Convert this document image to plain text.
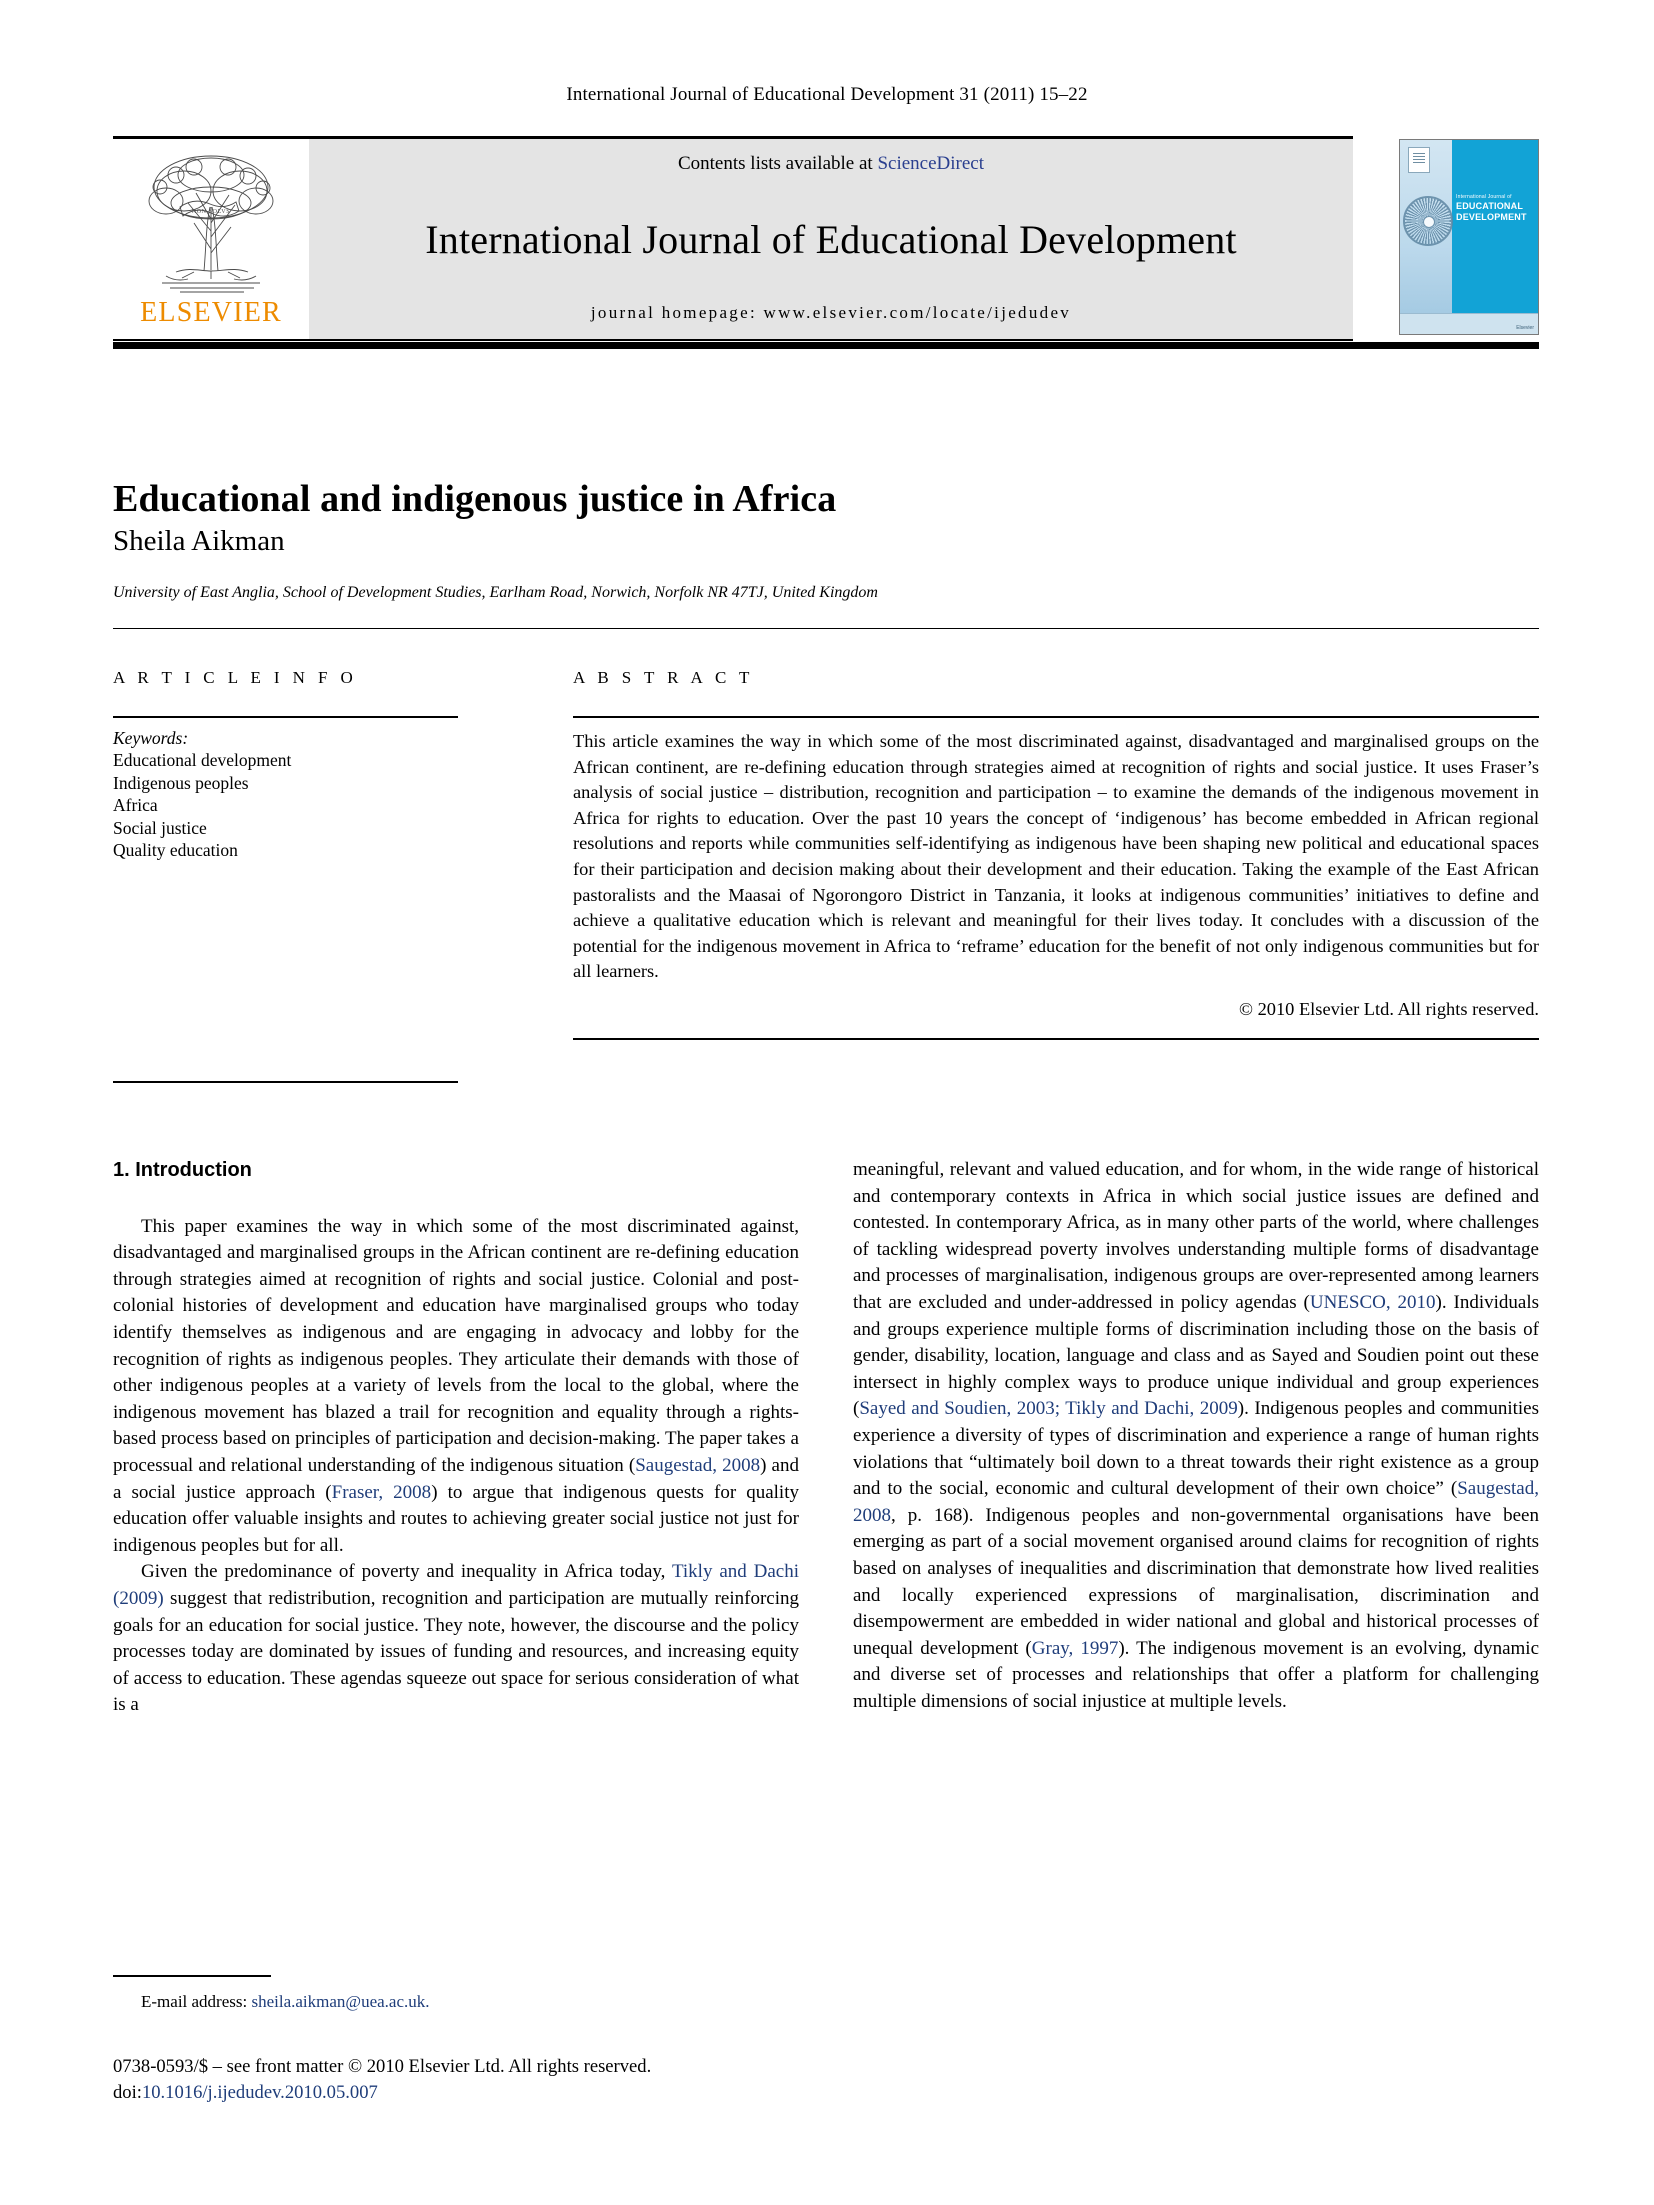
International Journal of Educational Development 31 (2011) 15–22
NON SOLVS
ELSEVIER
Contents lists available at ScienceDirect
International Journal of Educational Development
journal homepage: www.elsevier.com/locate/ijedudev
International Journal of
EDUCATIONAL
DEVELOPMENT
Elsevier
Educational and indigenous justice in Africa
Sheila Aikman
University of East Anglia, School of Development Studies, Earlham Road, Norwich, Norfolk NR 47TJ, United Kingdom
A R T I C L E I N F O
Keywords:
Educational development
Indigenous peoples
Africa
Social justice
Quality education
A B S T R A C T
This article examines the way in which some of the most discriminated against, disadvantaged and marginalised groups on the African continent, are re-defining education through strategies aimed at recognition of rights and social justice. It uses Fraser’s analysis of social justice – distribution, recognition and participation – to examine the demands of the indigenous movement in Africa for rights to education. Over the past 10 years the concept of ‘indigenous’ has become embedded in African regional resolutions and reports while communities self-identifying as indigenous have been shaping new political and educational spaces for their participation and decision making about their development and their education. Taking the example of the East African pastoralists and the Maasai of Ngorongoro District in Tanzania, it looks at indigenous communities’ initiatives to define and achieve a qualitative education which is relevant and meaningful for their lives today. It concludes with a discussion of the potential for the indigenous movement in Africa to ‘reframe’ education for the benefit of not only indigenous communities but for all learners.
© 2010 Elsevier Ltd. All rights reserved.
1. Introduction

This paper examines the way in which some of the most discriminated against, disadvantaged and marginalised groups in the African continent are re-defining education through strategies aimed at recognition of rights and social justice. Colonial and post-colonial histories of development and education have marginalised groups who today identify themselves as indigenous and are engaging in advocacy and lobby for the recognition of rights as indigenous peoples. They articulate their demands with those of other indigenous peoples at a variety of levels from the local to the global, where the indigenous movement has blazed a trail for recognition and equality through a rights-based process based on principles of participation and decision-making. The paper takes a processual and relational understanding of the indigenous situation (Saugestad, 2008) and a social justice approach (Fraser, 2008) to argue that indigenous quests for quality education offer valuable insights and routes to achieving greater social justice not just for indigenous peoples but for all.

Given the predominance of poverty and inequality in Africa today, Tikly and Dachi (2009) suggest that redistribution, recognition and participation are mutually reinforcing goals for an education for social justice. They note, however, the discourse and the policy processes today are dominated by issues of funding and resources, and increasing equity of access to education. These agendas squeeze out space for serious consideration of what is a

meaningful, relevant and valued education, and for whom, in the wide range of historical and contemporary contexts in Africa in which social justice issues are defined and contested. In contemporary Africa, as in many other parts of the world, where challenges of tackling widespread poverty involves understanding multiple forms of disadvantage and processes of marginalisation, indigenous groups are over-represented among learners that are excluded and under-addressed in policy agendas (UNESCO, 2010). Individuals and groups experience multiple forms of discrimination including those on the basis of gender, disability, location, language and class and as Sayed and Soudien point out these intersect in highly complex ways to produce unique individual and group experiences (Sayed and Soudien, 2003; Tikly and Dachi, 2009). Indigenous peoples and communities experience a diversity of types of discrimination and experience a range of human rights violations that “ultimately boil down to a threat towards their right existence as a group and to the social, economic and cultural development of their own choice” (Saugestad, 2008, p. 168). Indigenous peoples and non-governmental organisations have been emerging as part of a social movement organised around claims for recognition of rights based on analyses of inequalities and discrimination that demonstrate how lived realities and locally experienced expressions of marginalisation, discrimination and disempowerment are embedded in wider national and global and historical processes of unequal development (Gray, 1997). The indigenous movement is an evolving, dynamic and diverse set of processes and relationships that offer a platform for challenging multiple dimensions of social injustice at multiple levels.

E-mail address: sheila.aikman@uea.ac.uk.
0738-0593/$ – see front matter © 2010 Elsevier Ltd. All rights reserved.
doi:10.1016/j.ijedudev.2010.05.007
